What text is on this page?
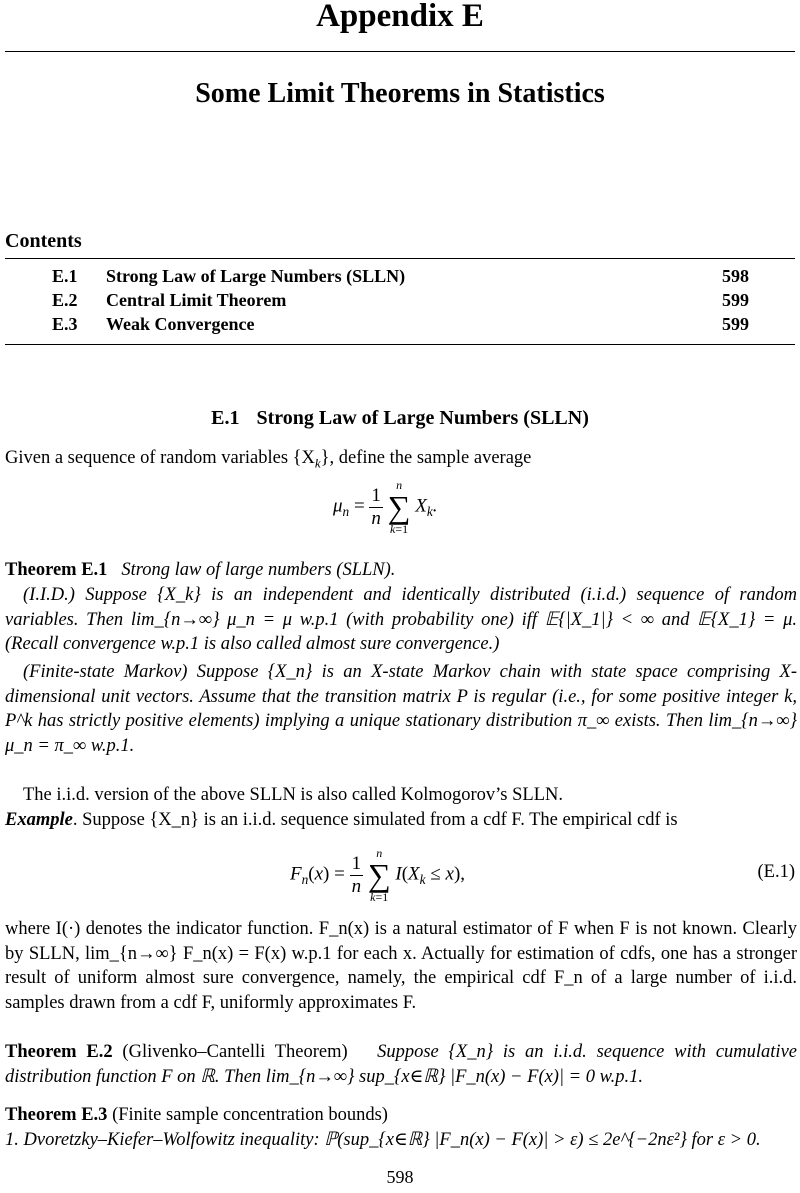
Appendix E
Some Limit Theorems in Statistics
Contents
E.1 Strong Law of Large Numbers (SLLN)	598
E.2 Central Limit Theorem	599
E.3 Weak Convergence	599
E.1 Strong Law of Large Numbers (SLLN)
Given a sequence of random variables $\{X_k\}$, define the sample average
$\mu_n = \frac{1}{n}$
	n
∑
k=1
$X_k$.
Theorem E.1 Strong law of large numbers (SLLN).
(I.I.D.) Suppose {X_k} is an independent and identically distributed (i.i.d.) sequence of random variables. Then lim_{n→∞} μ_n = μ w.p.1 (with probability one) iff 𝔼{|X_1|} < ∞ and 𝔼{X_1} = μ. (Recall convergence w.p.1 is also called almost sure convergence.)
(Finite-state Markov) Suppose {X_n} is an X-state Markov chain with state space comprising X-dimensional unit vectors. Assume that the transition matrix P is regular (i.e., for some positive integer k, P^k has strictly positive elements) implying a unique stationary distribution π_∞ exists. Then lim_{n→∞} μ_n = π_∞ w.p.1.
The i.i.d. version of the above SLLN is also called Kolmogorov’s SLLN.
Example. Suppose {X_n} is an i.i.d. sequence simulated from a cdf F. The empirical cdf is
$F_n(x) = \frac{1}{n}$
	n
∑
k=1
$I(X_k \le x)$,	(E.1)
where I(·) denotes the indicator function. F_n(x) is a natural estimator of F when F is not known. Clearly by SLLN, lim_{n→∞} F_n(x) = F(x) w.p.1 for each x. Actually for estimation of cdfs, one has a stronger result of uniform almost sure convergence, namely, the empirical cdf F_n of a large number of i.i.d. samples drawn from a cdf F, uniformly approximates F.
Theorem E.2 (Glivenko–Cantelli Theorem) Suppose {X_n} is an i.i.d. sequence with cumulative distribution function F on ℝ. Then lim_{n→∞} sup_{x∈ℝ} |F_n(x) − F(x)| = 0 w.p.1.
Theorem E.3 (Finite sample concentration bounds)
1. Dvoretzky–Kiefer–Wolfowitz inequality: ℙ(sup_{x∈ℝ} |F_n(x) − F(x)| > ε) ≤ 2e^{−2nε²} for ε > 0.
598
